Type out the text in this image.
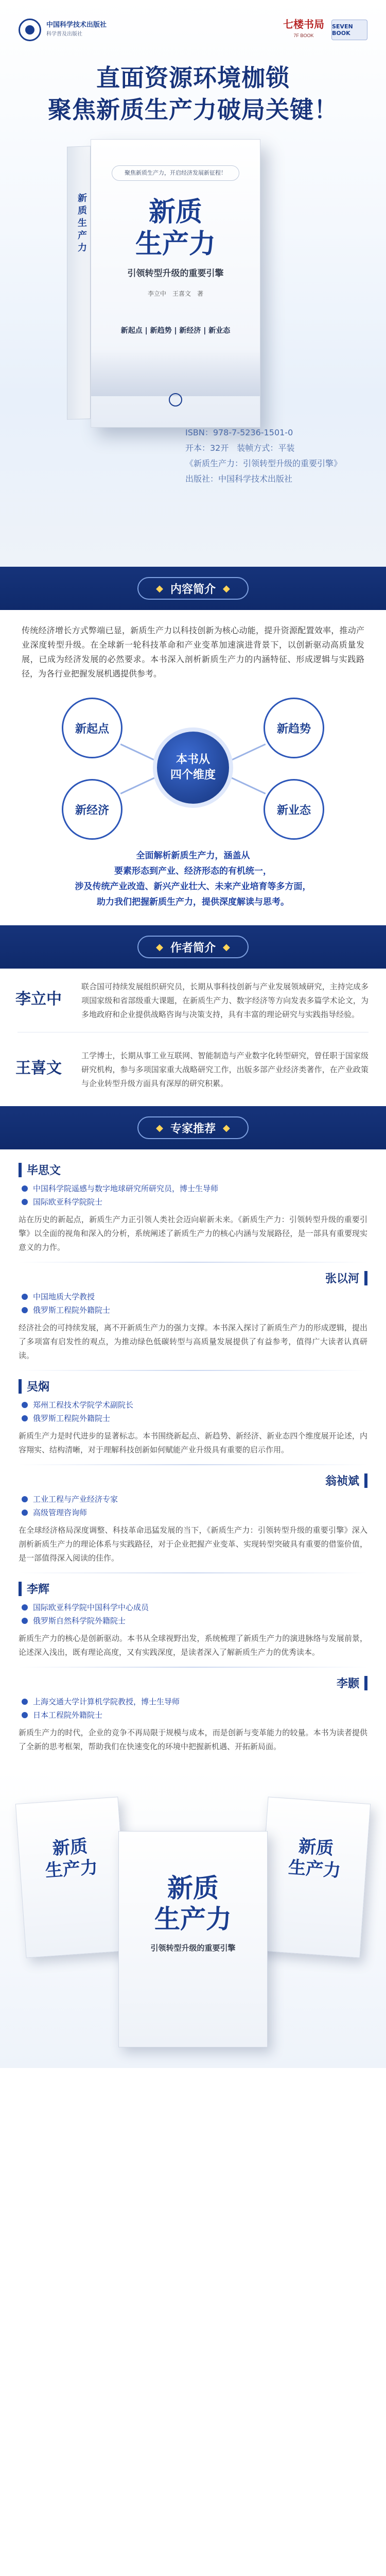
中国科学技术出版社
科学普及出版社
七楼书局
7F BOOK
SEVEN BOOK
直面资源环境枷锁
聚焦新质生产力破局关键！
新质生产力
聚焦新质生产力，开启经济发展新征程！
新质
生产力
引领转型升级的重要引擎
李立中　王喜文　著
新起点 | 新趋势 | 新经济 | 新业态
ISBN：978-7-5236-1501-0
开本：32开　装帧方式：平装
《新质生产力：引领转型升级的重要引擎》
出版社：中国科学技术出版社
◆ 内容简介 ◆
传统经济增长方式弊端已显，新质生产力以科技创新为核心动能，提升资源配置效率，推动产业深度转型升级。在全球新一轮科技革命和产业变革加速演进背景下，以创新驱动高质量发展，已成为经济发展的必然要求。本书深入剖析新质生产力的内涵特征、形成逻辑与实践路径，为各行业把握发展机遇提供参考。
新起点	新趋势
新经济	新业态
本书从
四个维度
全面解析新质生产力，涵盖从
要素形态到产业、经济形态的有机统一，
涉及传统产业改造、新兴产业壮大、未来产业培育等多方面，
助力我们把握新质生产力，提供深度解读与思考。
◆ 作者简介 ◆
李立中
联合国可持续发展组织研究员，长期从事科技创新与产业发展领域研究，主持完成多项国家级和省部级重大课题，在新质生产力、数字经济等方向发表多篇学术论文，为多地政府和企业提供战略咨询与决策支持，具有丰富的理论研究与实践指导经验。
王喜文
工学博士，长期从事工业互联网、智能制造与产业数字化转型研究，曾任职于国家级研究机构，参与多项国家重大战略研究工作，出版多部产业经济类著作，在产业政策与企业转型升级方面具有深厚的研究积累。
◆ 专家推荐 ◆
毕思文
中国科学院遥感与数字地球研究所研究员，博士生导师
国际欧亚科学院院士
站在历史的新起点，新质生产力正引领人类社会迈向崭新未来。《新质生产力：引领转型升级的重要引擎》以全面的视角和深入的分析，系统阐述了新质生产力的核心内涵与发展路径，是一部具有重要现实意义的力作。
张以河
中国地质大学教授
俄罗斯工程院外籍院士
经济社会的可持续发展，离不开新质生产力的强力支撑。本书深入探讨了新质生产力的形成逻辑，提出了多项富有启发性的观点，为推动绿色低碳转型与高质量发展提供了有益参考，值得广大读者认真研读。
吴焖
郑州工程技术学院学术副院长
俄罗斯工程院外籍院士
新质生产力是时代进步的显著标志。本书围绕新起点、新趋势、新经济、新业态四个维度展开论述，内容翔实、结构清晰，对于理解科技创新如何赋能产业升级具有重要的启示作用。
翁祯斌
工业工程与产业经济专家
高级管理咨询师
在全球经济格局深度调整、科技革命迅猛发展的当下，《新质生产力：引领转型升级的重要引擎》深入剖析新质生产力的理论体系与实践路径，对于企业把握产业变革、实现转型突破具有重要的借鉴价值，是一部值得深入阅读的佳作。
李辉
国际欧亚科学院中国科学中心成员
俄罗斯自然科学院外籍院士
新质生产力的核心是创新驱动。本书从全球视野出发，系统梳理了新质生产力的演进脉络与发展前景，论述深入浅出，既有理论高度，又有实践深度，是读者深入了解新质生产力的优秀读本。
李颢
上海交通大学计算机学院教授，博士生导师
日本工程院外籍院士
新质生产力的时代，企业的竞争不再局限于规模与成本，而是创新与变革能力的较量。本书为读者提供了全新的思考框架，帮助我们在快速变化的环境中把握新机遇、开拓新局面。
新质
生产力
新质
生产力
新质
生产力
引领转型升级的重要引擎
